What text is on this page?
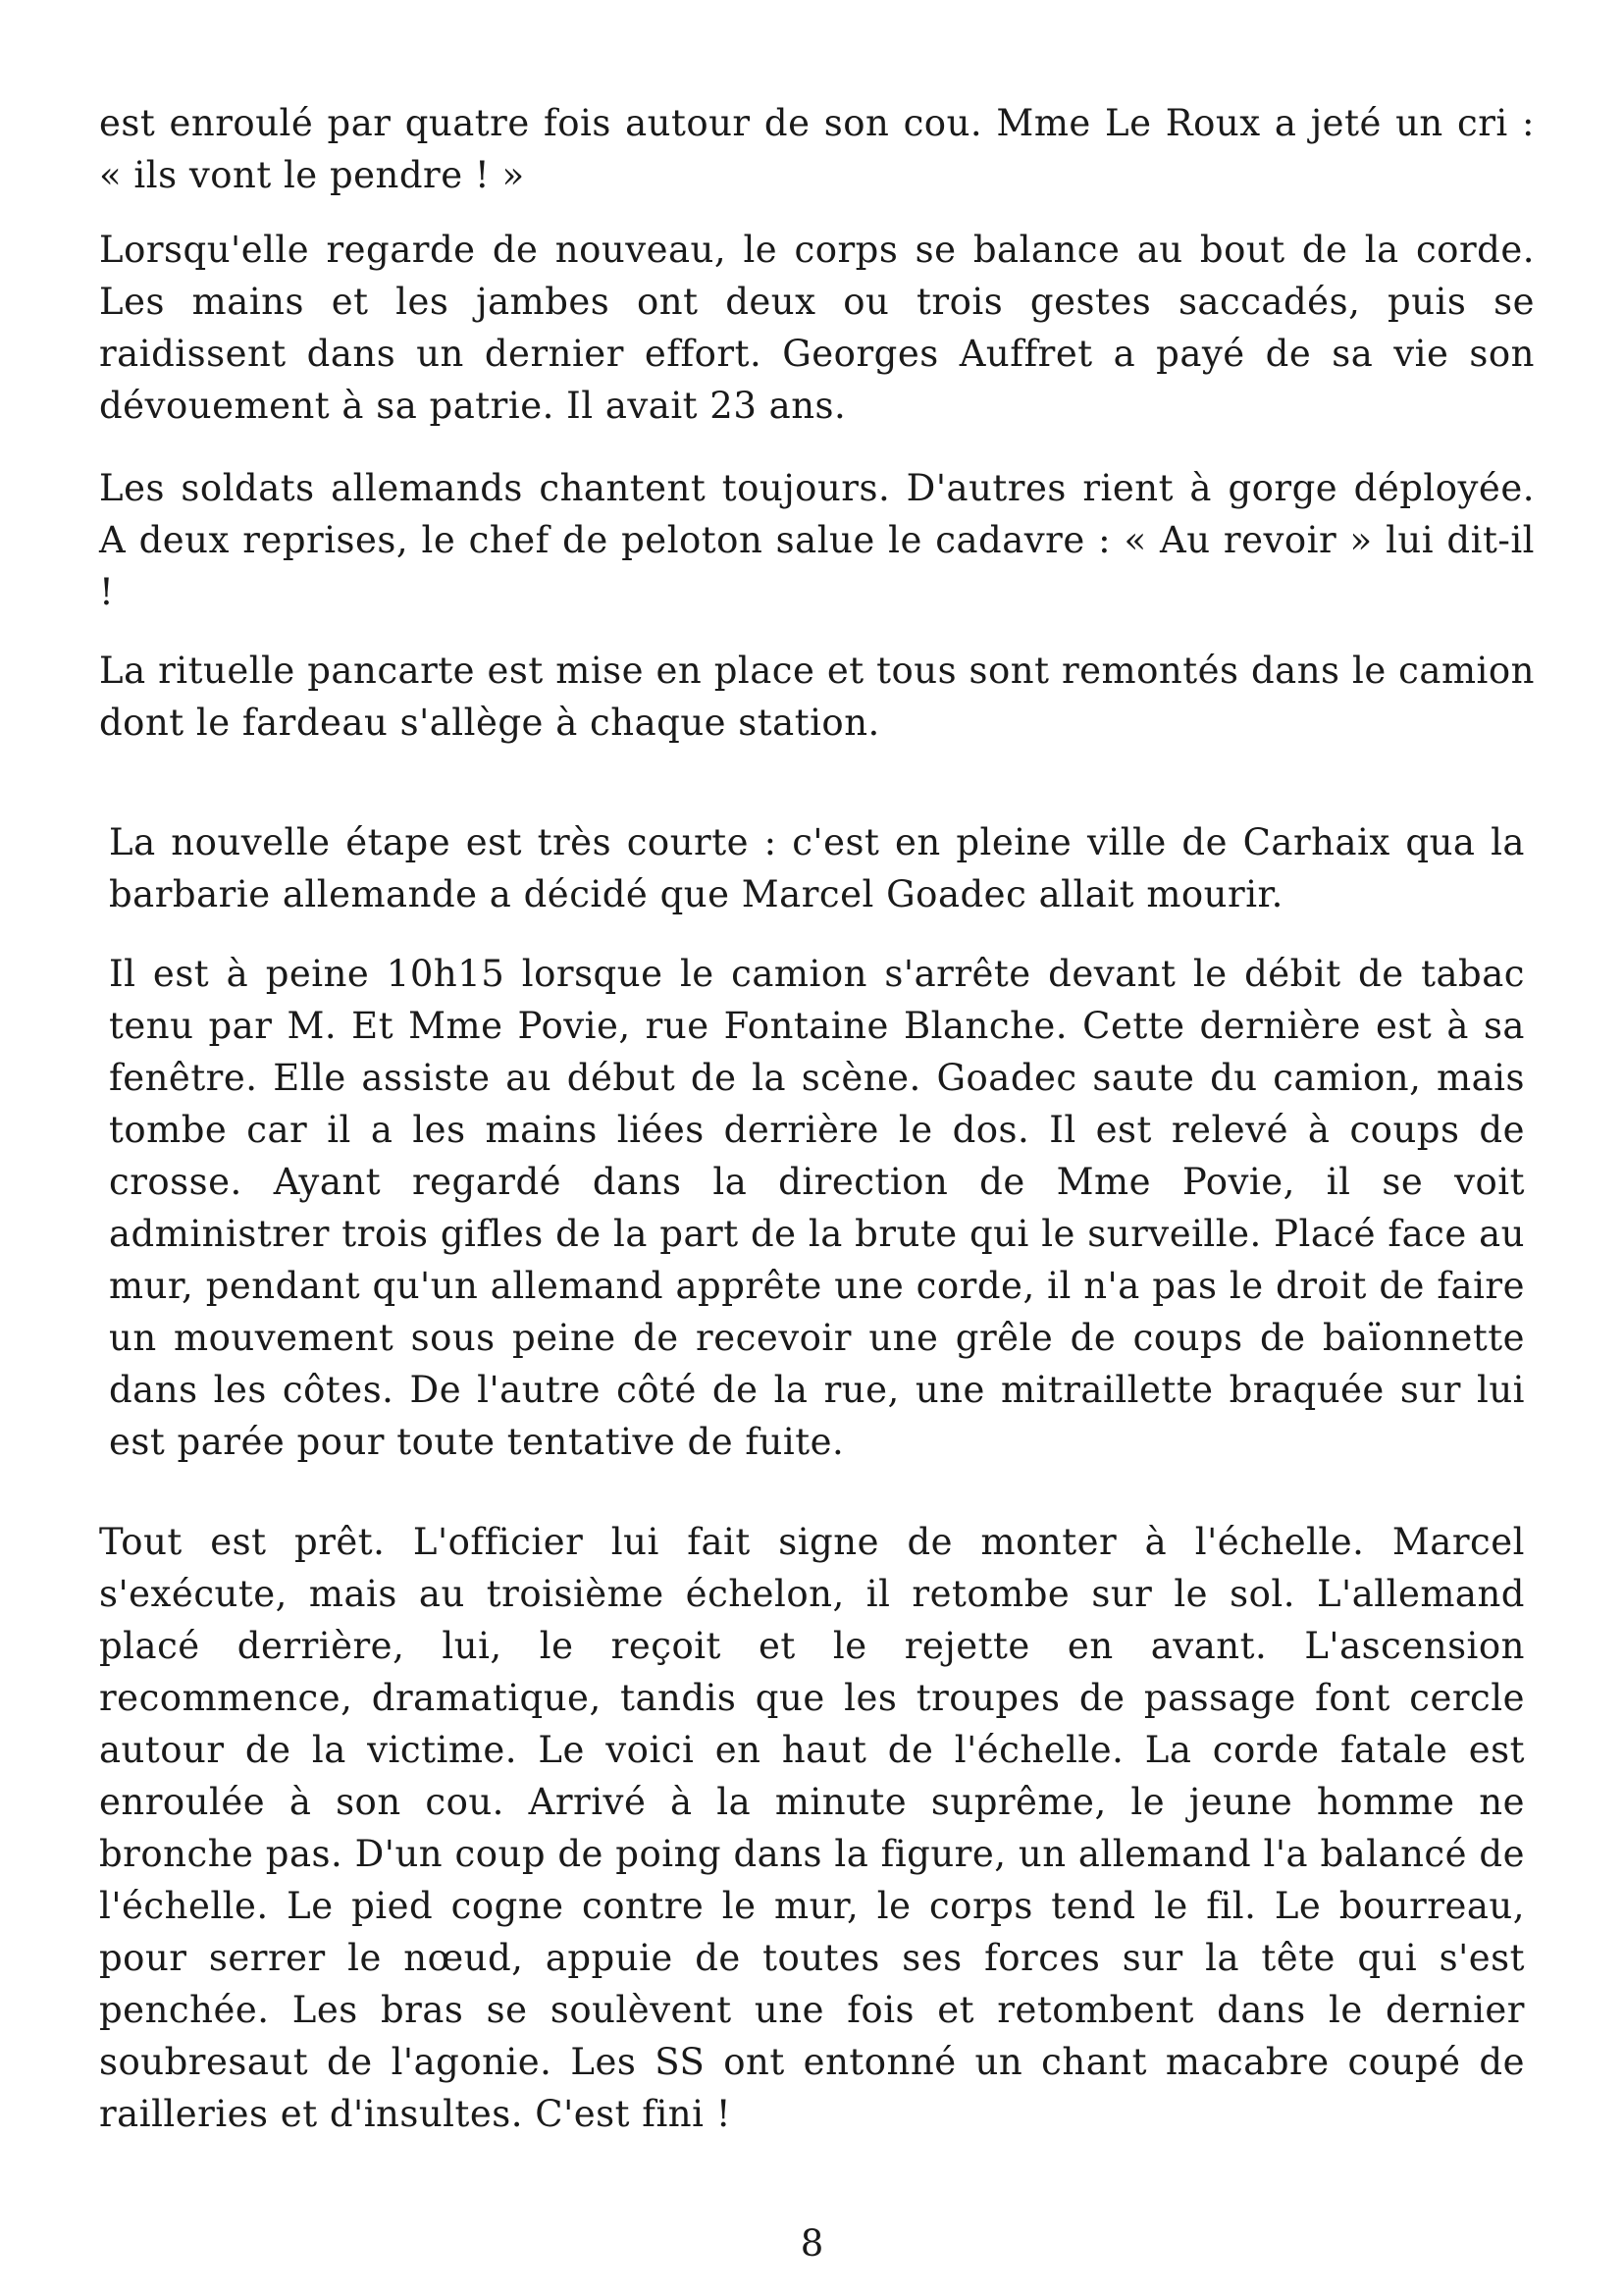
est enroulé par quatre fois autour de son cou. Mme Le Roux a jeté un cri : « ils vont le pendre ! »

Lorsqu'elle regarde de nouveau, le corps se balance au bout de la corde. Les mains et les jambes ont deux ou trois gestes saccadés, puis se raidissent dans un dernier effort. Georges Auffret a payé de sa vie son dévouement à sa patrie. Il avait 23 ans.

Les soldats allemands chantent toujours. D'autres rient à gorge déployée. A deux reprises, le chef de peloton salue le cadavre : « Au revoir » lui dit-il !

La rituelle pancarte est mise en place et tous sont remontés dans le camion dont le fardeau s'allège à chaque station.

La nouvelle étape est très courte : c'est en pleine ville de Carhaix qua la barbarie allemande a décidé que Marcel Goadec allait mourir.

Il est à peine 10h15 lorsque le camion s'arrête devant le débit de tabac tenu par M. Et Mme Povie, rue Fontaine Blanche. Cette dernière est à sa fenêtre. Elle assiste au début de la scène. Goadec saute du camion, mais tombe car il a les mains liées derrière le dos. Il est relevé à coups de crosse. Ayant regardé dans la direction de Mme Povie, il se voit administrer trois gifles de la part de la brute qui le surveille. Placé face au mur, pendant qu'un allemand apprête une corde, il n'a pas le droit de faire un mouvement sous peine de recevoir une grêle de coups de baïonnette dans les côtes. De l'autre côté de la rue, une mitraillette braquée sur lui est parée pour toute tentative de fuite.

Tout est prêt. L'officier lui fait signe de monter à l'échelle. Marcel s'exécute, mais au troisième échelon, il retombe sur le sol. L'allemand placé derrière, lui, le reçoit et le rejette en avant. L'ascension recommence, dramatique, tandis que les troupes de passage font cercle autour de la victime. Le voici en haut de l'échelle. La corde fatale est enroulée à son cou. Arrivé à la minute suprême, le jeune homme ne bronche pas. D'un coup de poing dans la figure, un allemand l'a balancé de l'échelle. Le pied cogne contre le mur, le corps tend le fil. Le bourreau, pour serrer le nœud, appuie de toutes ses forces sur la tête qui s'est penchée. Les bras se soulèvent une fois et retombent dans le dernier soubresaut de l'agonie. Les SS ont entonné un chant macabre coupé de railleries et d'insultes. C'est fini !

8
